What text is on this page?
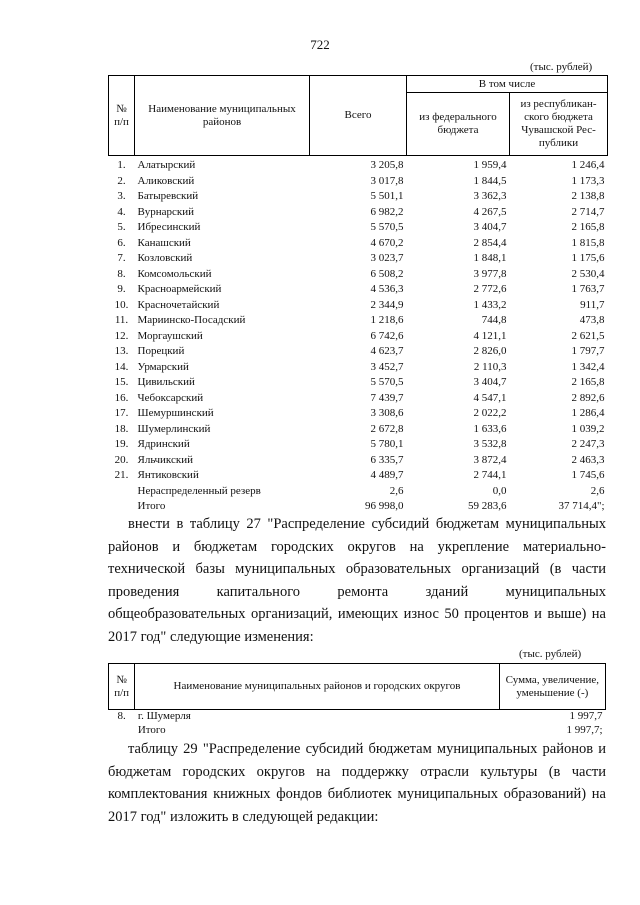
722
(тыс. рублей)
№ п/п	Наименование муниципальных районов	Всего	В том числе	
			из федерального бюджета	из республикан-ского бюджета Чувашской Рес-публики
1.	Алатырский	3 205,8	1 959,4	1 246,4
2.	Аликовский	3 017,8	1 844,5	1 173,3
3.	Батыревский	5 501,1	3 362,3	2 138,8
4.	Вурнарский	6 982,2	4 267,5	2 714,7
5.	Ибресинский	5 570,5	3 404,7	2 165,8
6.	Канашский	4 670,2	2 854,4	1 815,8
7.	Козловский	3 023,7	1 848,1	1 175,6
8.	Комсомольский	6 508,2	3 977,8	2 530,4
9.	Красноармейский	4 536,3	2 772,6	1 763,7
10.	Красночетайский	2 344,9	1 433,2	911,7
11.	Мариинско-Посадский	1 218,6	744,8	473,8
12.	Моргаушский	6 742,6	4 121,1	2 621,5
13.	Порецкий	4 623,7	2 826,0	1 797,7
14.	Урмарский	3 452,7	2 110,3	1 342,4
15.	Цивильский	5 570,5	3 404,7	2 165,8
16.	Чебоксарский	7 439,7	4 547,1	2 892,6
17.	Шемуршинский	3 308,6	2 022,2	1 286,4
18.	Шумерлинский	2 672,8	1 633,6	1 039,2
19.	Ядринский	5 780,1	3 532,8	2 247,3
20.	Яльчикский	6 335,7	3 872,4	2 463,3
21.	Янтиковский	4 489,7	2 744,1	1 745,6
	Нераспределенный резерв	2,6	0,0	2,6
	Итого	96 998,0	59 283,6	37 714,4";

внести в таблицу 27 "Распределение субсидий бюджетам муниципальных районов и бюджетам городских округов на укрепление материально-технической базы муниципальных образовательных организаций (в части проведения капитального ремонта зданий муниципальных общеобразовательных организаций, имеющих износ 50 процентов и выше) на 2017 год" следующие изменения:

(тыс. рублей)
№ п/п	Наименование муниципальных районов и городских округов	Сумма, увеличение, уменьшение (-)
8.	г. Шумерля	1 997,7
	Итого	1 997,7;

таблицу 29 "Распределение субсидий бюджетам муниципальных районов и бюджетам городских округов на поддержку отрасли культуры (в части комплектования книжных фондов библиотек муниципальных образований) на 2017 год" изложить в следующей редакции:
